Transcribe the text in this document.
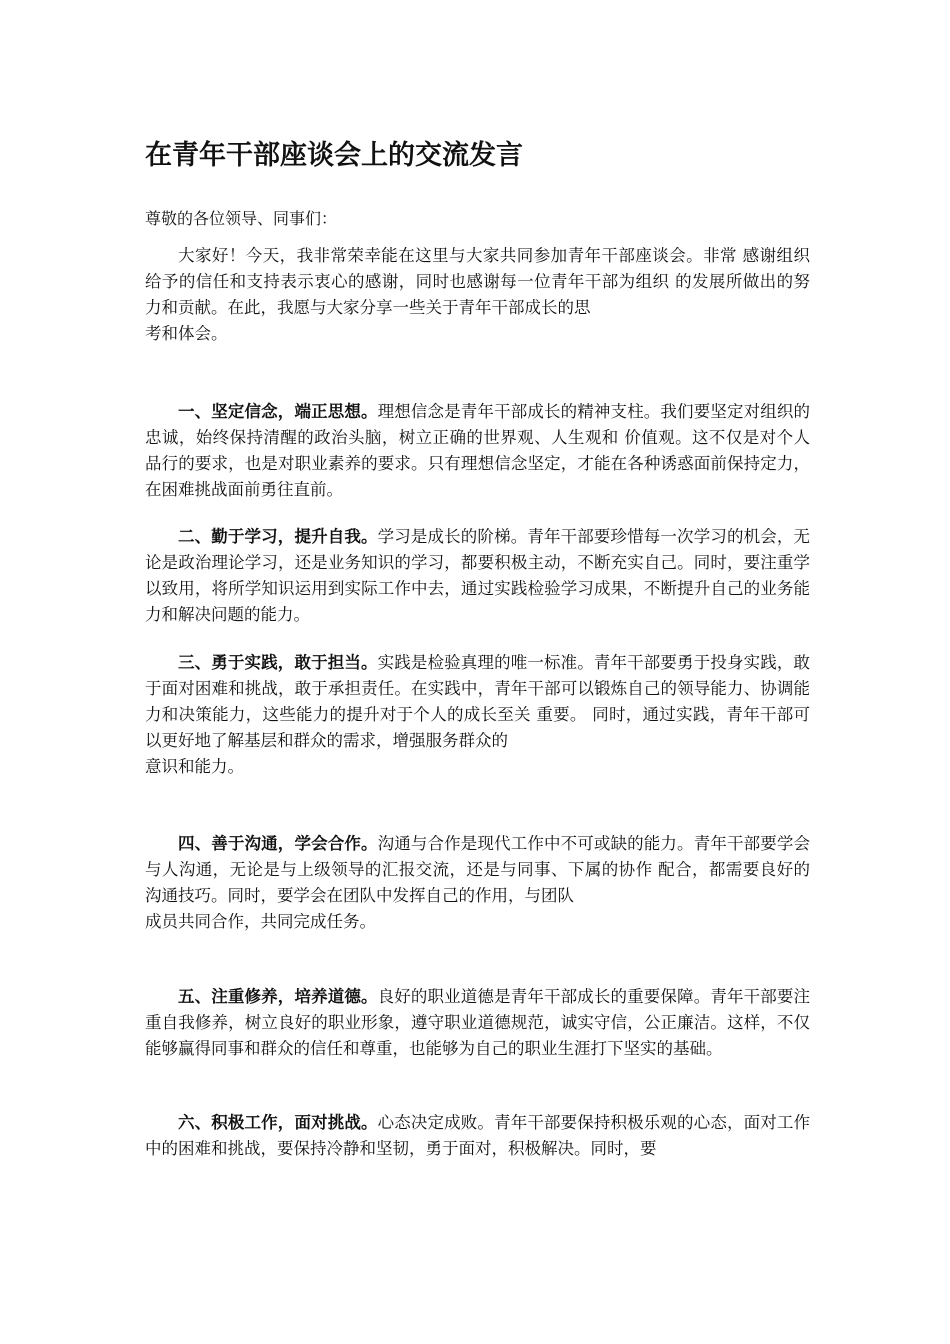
在青年干部座谈会上的交流发言

尊敬的各位领导、同事们：

大家好！今天，我非常荣幸能在这里与大家共同参加青年干部座谈会。非常 感谢组织给予的信任和支持表示衷心的感谢，同时也感谢每一位青年干部为组织 的发展所做出的努力和贡献。在此，我愿与大家分享一些关于青年干部成长的思
考和体会。

一、坚定信念，端正思想。理想信念是青年干部成长的精神支柱。我们要坚定对组织的忠诚，始终保持清醒的政治头脑，树立正确的世界观、人生观和 价值观。这不仅是对个人品行的要求，也是对职业素养的要求。只有理想信念坚定，才能在各种诱惑面前保持定力，在困难挑战面前勇往直前。

二、勤于学习，提升自我。学习是成长的阶梯。青年干部要珍惜每一次学习的机会，无论是政治理论学习，还是业务知识的学习，都要积极主动，不断充实自己。同时，要注重学以致用，将所学知识运用到实际工作中去，通过实践检验学习成果，不断提升自己的业务能力和解决问题的能力。

三、勇于实践，敢于担当。实践是检验真理的唯一标准。青年干部要勇于投身实践，敢于面对困难和挑战，敢于承担责任。在实践中，青年干部可以锻炼自己的领导能力、协调能力和决策能力，这些能力的提升对于个人的成长至关 重要。 同时，通过实践，青年干部可以更好地了解基层和群众的需求，增强服务群众的
意识和能力。

四、善于沟通，学会合作。沟通与合作是现代工作中不可或缺的能力。青年干部要学会与人沟通，无论是与上级领导的汇报交流，还是与同事、下属的协作 配合，都需要良好的沟通技巧。同时，要学会在团队中发挥自己的作用，与团队
成员共同合作，共同完成任务。

五、注重修养，培养道德。良好的职业道德是青年干部成长的重要保障。青年干部要注重自我修养，树立良好的职业形象，遵守职业道德规范，诚实守信，公正廉洁。这样，不仅能够赢得同事和群众的信任和尊重，也能够为自己的职业生涯打下坚实的基础。

六、积极工作，面对挑战。心态决定成败。青年干部要保持积极乐观的心态，面对工作中的困难和挑战，要保持冷静和坚韧，勇于面对，积极解决。同时，要
